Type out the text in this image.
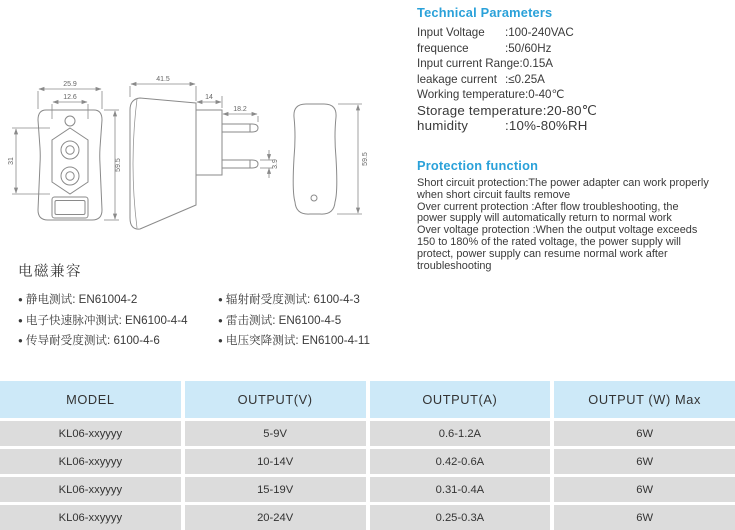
25.9
12.6
31	59.5
41.5
14
18.2
3.9	59.5
Technical Parameters
Input Voltage :100-240VAC
frequence	:50/60Hz
Input current Range:0.15A
leakage current :≤0.25A
Working temperature:0-40℃
Storage temperature:20-80℃
humidity	:10%-80%RH
Protection function
Short circuit protection:The power adapter can work properly
when short circuit faults remove
Over current protection :After flow troubleshooting, the
power supply will automatically return to normal work
Over voltage protection :When the output voltage exceeds
150 to 180% of the rated voltage, the power supply will
protect, power supply can resume normal work after
troubleshooting
电磁兼容
● 静电测试: EN61004-2
● 电子快速脉冲测试: EN6100-4-4
● 传导耐受度测试: 6100-4-6
● 辐射耐受度测试: 6100-4-3
● 雷击测试: EN6100-4-5
● 电压突降测试: EN6100-4-11
MODEL	OUTPUT(V)	OUTPUT(A)	OUTPUT (W) Max
KL06-xxyyyy	5-9V	0.6-1.2A	6W
KL06-xxyyyy	10-14V	0.42-0.6A	6W
KL06-xxyyyy	15-19V	0.31-0.4A	6W
KL06-xxyyyy	20-24V	0.25-0.3A	6W
